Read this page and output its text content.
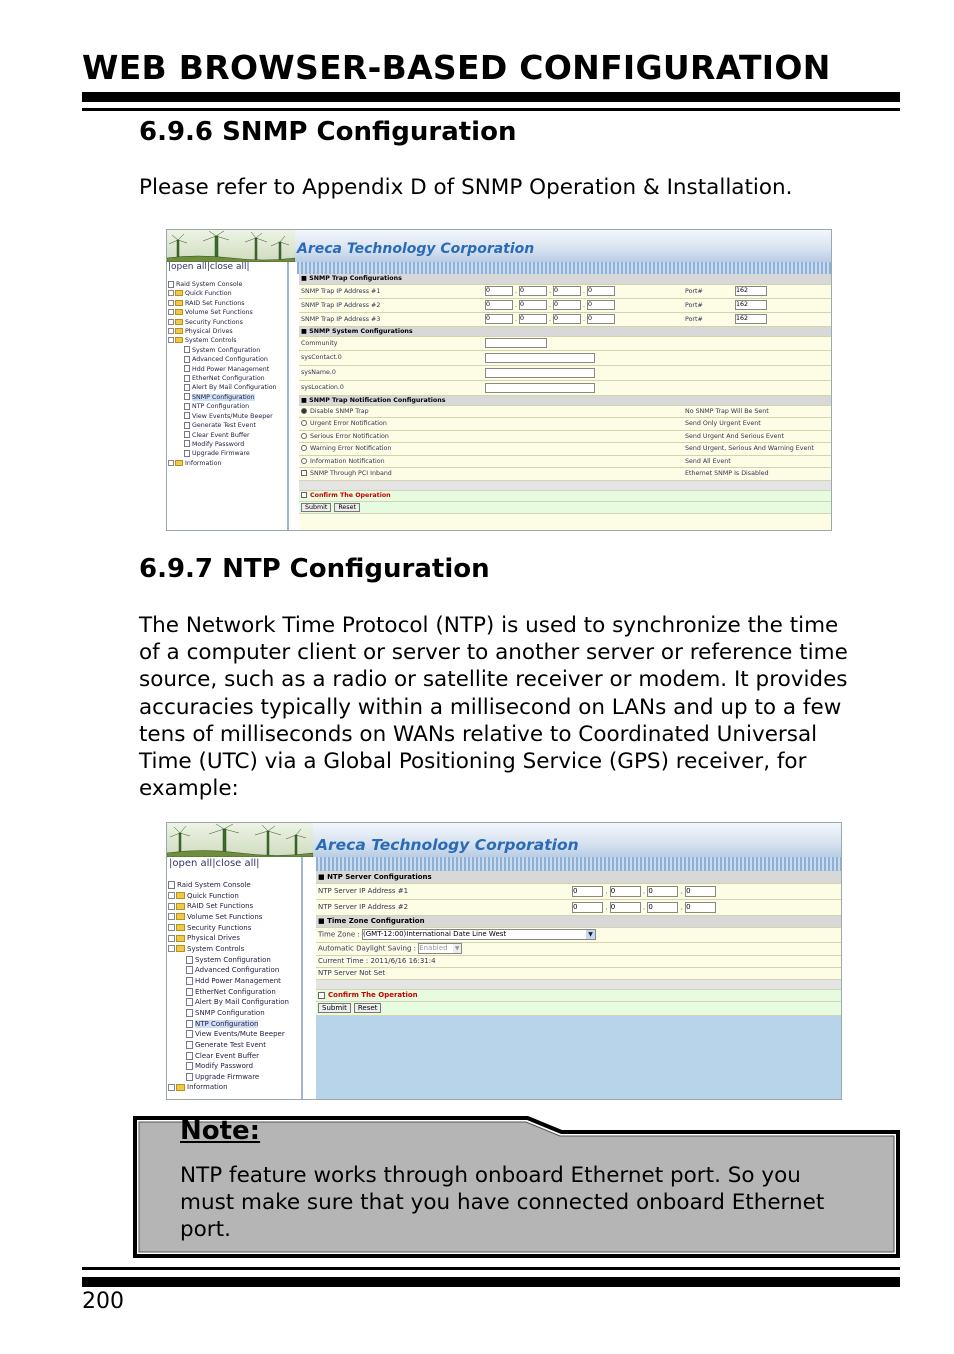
WEB BROWSER-BASED CONFIGURATION
6.9.6 SNMP Configuration
Please refer to Appendix D of SNMP Operation & Installation.
Areca Technology Corporation
|open all|close all|
Raid System Console
Quick Function
RAID Set Functions
Volume Set Functions
Security Functions
Physical Drives
System Controls
System Configuration
Advanced Configuration
Hdd Power Management
EtherNet Configuration
Alert By Mail Configuration
SNMP Configuration
NTP Configuration
View Events/Mute Beeper
Generate Test Event
Clear Event Buffer
Modify Password
Upgrade Firmware
Information
■ SNMP Trap Configurations			
SNMP Trap IP Address #1	0 . 0 . 0 . 0	Port#	162
SNMP Trap IP Address #2	0 . 0 . 0 . 0	Port#	162
SNMP Trap IP Address #3	0 . 0 . 0 . 0	Port#	162
■ SNMP System Configurations			
Community			
sysContact.0			
sysName.0			
sysLocation.0			
■ SNMP Trap Notification Configurations			
Disable SNMP Trap		No SNMP Trap Will Be Sent	
Urgent Error Notification		Send Only Urgent Event	
Serious Error Notification		Send Urgent And Serious Event	
Warning Error Notification		Send Urgent, Serious And Warning Event	
Information Notification		Send All Event	
SNMP Through PCI Inband		Ethernet SNMP Is Disabled	

Confirm The Operation			
Submit Reset			
6.9.7 NTP Configuration
The Network Time Protocol (NTP) is used to synchronize the time
of a computer client or server to another server or reference time
source, such as a radio or satellite receiver or modem. It provides
accuracies typically within a millisecond on LANs and up to a few
tens of milliseconds on WANs relative to Coordinated Universal
Time (UTC) via a Global Positioning Service (GPS) receiver, for
example:
Areca Technology Corporation
|open all|close all|
Raid System Console
Quick Function
RAID Set Functions
Volume Set Functions
Security Functions
Physical Drives
System Controls
System Configuration
Advanced Configuration
Hdd Power Management
EtherNet Configuration
Alert By Mail Configuration
SNMP Configuration
NTP Configuration
View Events/Mute Beeper
Generate Test Event
Clear Event Buffer
Modify Password
Upgrade Firmware
Information
■ NTP Server Configurations	
NTP Server IP Address #1	0 . 0 . 0 . 0
NTP Server IP Address #2	0 . 0 . 0 . 0
■ Time Zone Configuration	
Time Zone : (GMT-12:00)International Date Line West ▼	

Automatic Daylight Saving : Enabled ▼	

Current Time : 2011/6/16 16:31:4	
NTP Server Not Set	

Confirm The Operation	
Submit Reset	
Note:
NTP feature works through onboard Ethernet port. So you
must make sure that you have connected onboard Ethernet
port.
200
